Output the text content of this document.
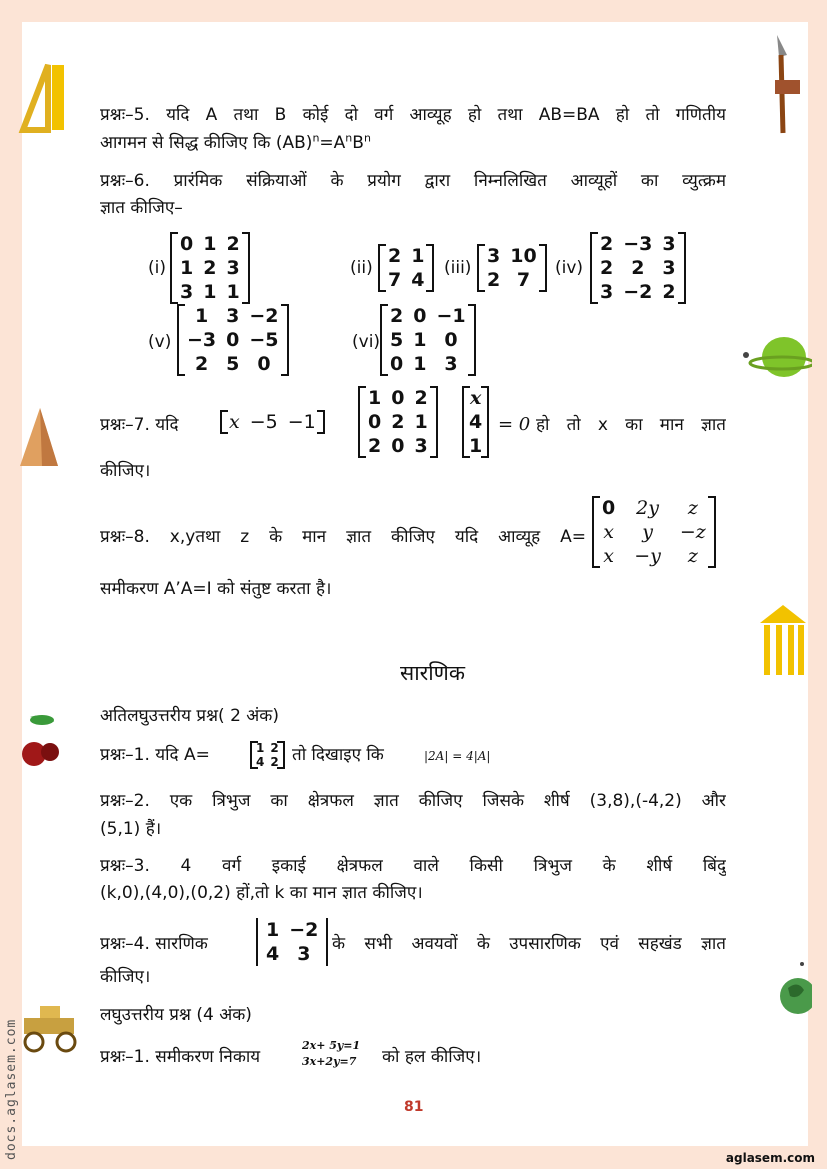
प्रश्नः–5. यदि A तथा B कोई दो वर्ग आव्यूह हो तथा AB=BA हो तो गणितीय
आगमन से सिद्ध कीजिए कि $(AB)^n=A^nB^n$
प्रश्नः–6. प्रारंमिक संक्रियाओं के प्रयोग द्वारा निम्नलिखित आव्यूहों का व्युत्क्रम
ज्ञात कीजिए–
(i)
0	1	2
1	2	3
3	1	1
(ii)
2	1
7	4
(iii)
3	10
2	7
(iv)
2	−3	3
2	2	3
3	−2	2
(v)
1	3	−2
−3	0	−5
2	5	0
(vi)
2	0	−1
5	1	0
0	1	3
प्रश्नः–7. यदि	x	−5	−1
1	0	2
0	2	1
2	0	3
x
4
1
= 0 हो तो x का मान ज्ञात
कीजिए।
प्रश्नः–8. x,yतथा z के मान ज्ञात कीजिए यदि आव्यूह A=
0	2y	z
x	y	−z
x	−y	z
समीकरण A’A=I को संतुष्ट करता है।
सारणिक
अतिलघुउत्तरीय प्रश्न( 2 अंक)
प्रश्नः–1. यदि A=	1	2
4	2 तो दिखाइए कि	|2A| = 4|A|
प्रश्नः–2. एक त्रिभुज का क्षेत्रफल ज्ञात कीजिए जिसके शीर्ष (3,8),(-4,2) और
(5,1) हैं।
प्रश्नः–3. 4 वर्ग इकाई क्षेत्रफल वाले किसी त्रिभुज के शीर्ष बिंदु
(k,0),(4,0),(0,2) हों,तो k का मान ज्ञात कीजिए।
प्रश्नः–4. सारणिक
1	−2
4	3 के सभी अवयवों के उपसारणिक एवं सहखंड ज्ञात
कीजिए।
लघुउत्तरीय प्रश्न (4 अंक)
प्रश्नः–1. समीकरण निकाय
2x+ 5y=1
3x+2y=7 को हल कीजिए।
81
aglasem.com
docs.aglasem.com
